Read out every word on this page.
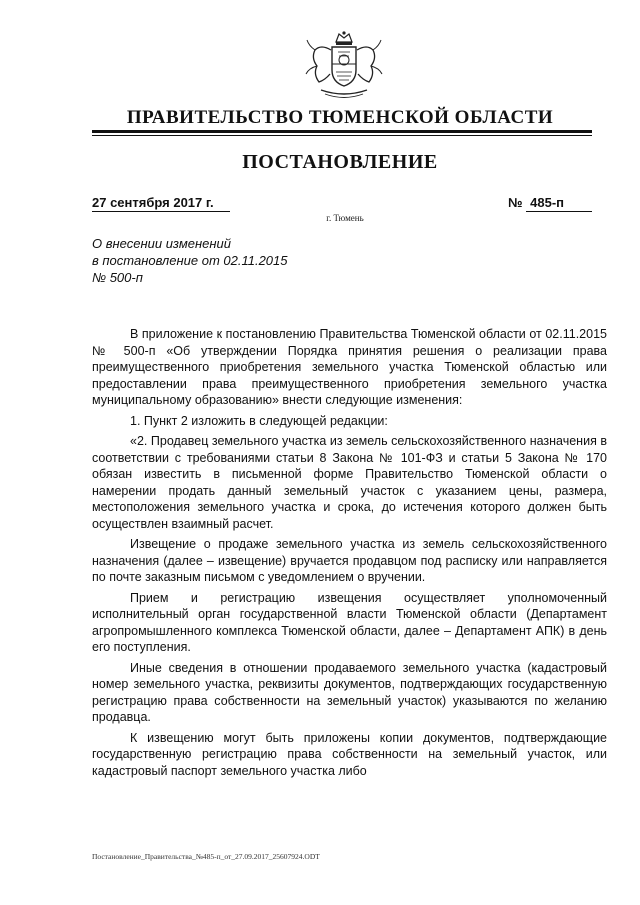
ПРАВИТЕЛЬСТВО ТЮМЕНСКОЙ ОБЛАСТИ
ПОСТАНОВЛЕНИЕ
27 сентября 2017 г.	№ 485-п
г. Тюмень
О внесении изменений
в постановление от 02.11.2015
№ 500-п

В приложение к постановлению Правительства Тюменской области от 02.11.2015 № 500-п «Об утверждении Порядка принятия решения о реализации права преимущественного приобретения земельного участка Тюменской областью или предоставлении права преимущественного приобретения земельного участка муниципальному образованию» внести следующие изменения:

1. Пункт 2 изложить в следующей редакции:

«2. Продавец земельного участка из земель сельскохозяйственного назначения в соответствии с требованиями статьи 8 Закона № 101-ФЗ и статьи 5 Закона № 170 обязан известить в письменной форме Правительство Тюменской области о намерении продать данный земельный участок с указанием цены, размера, местоположения земельного участка и срока, до истечения которого должен быть осуществлен взаимный расчет.

Извещение о продаже земельного участка из земель сельскохозяйственного назначения (далее – извещение) вручается продавцом под расписку или направляется по почте заказным письмом с уведомлением о вручении.

Прием и регистрацию извещения осуществляет уполномоченный исполнительный орган государственной власти Тюменской области (Департамент агропромышленного комплекса Тюменской области, далее – Департамент АПК) в день его поступления.

Иные сведения в отношении продаваемого земельного участка (кадастровый номер земельного участка, реквизиты документов, подтверждающих государственную регистрацию права собственности на земельный участок) указываются по желанию продавца.

К извещению могут быть приложены копии документов, подтверждающие государственную регистрацию права собственности на земельный участок, или кадастровый паспорт земельного участка либо

Постановление_Правительства_№485-п_от_27.09.2017_25607924.ODT
